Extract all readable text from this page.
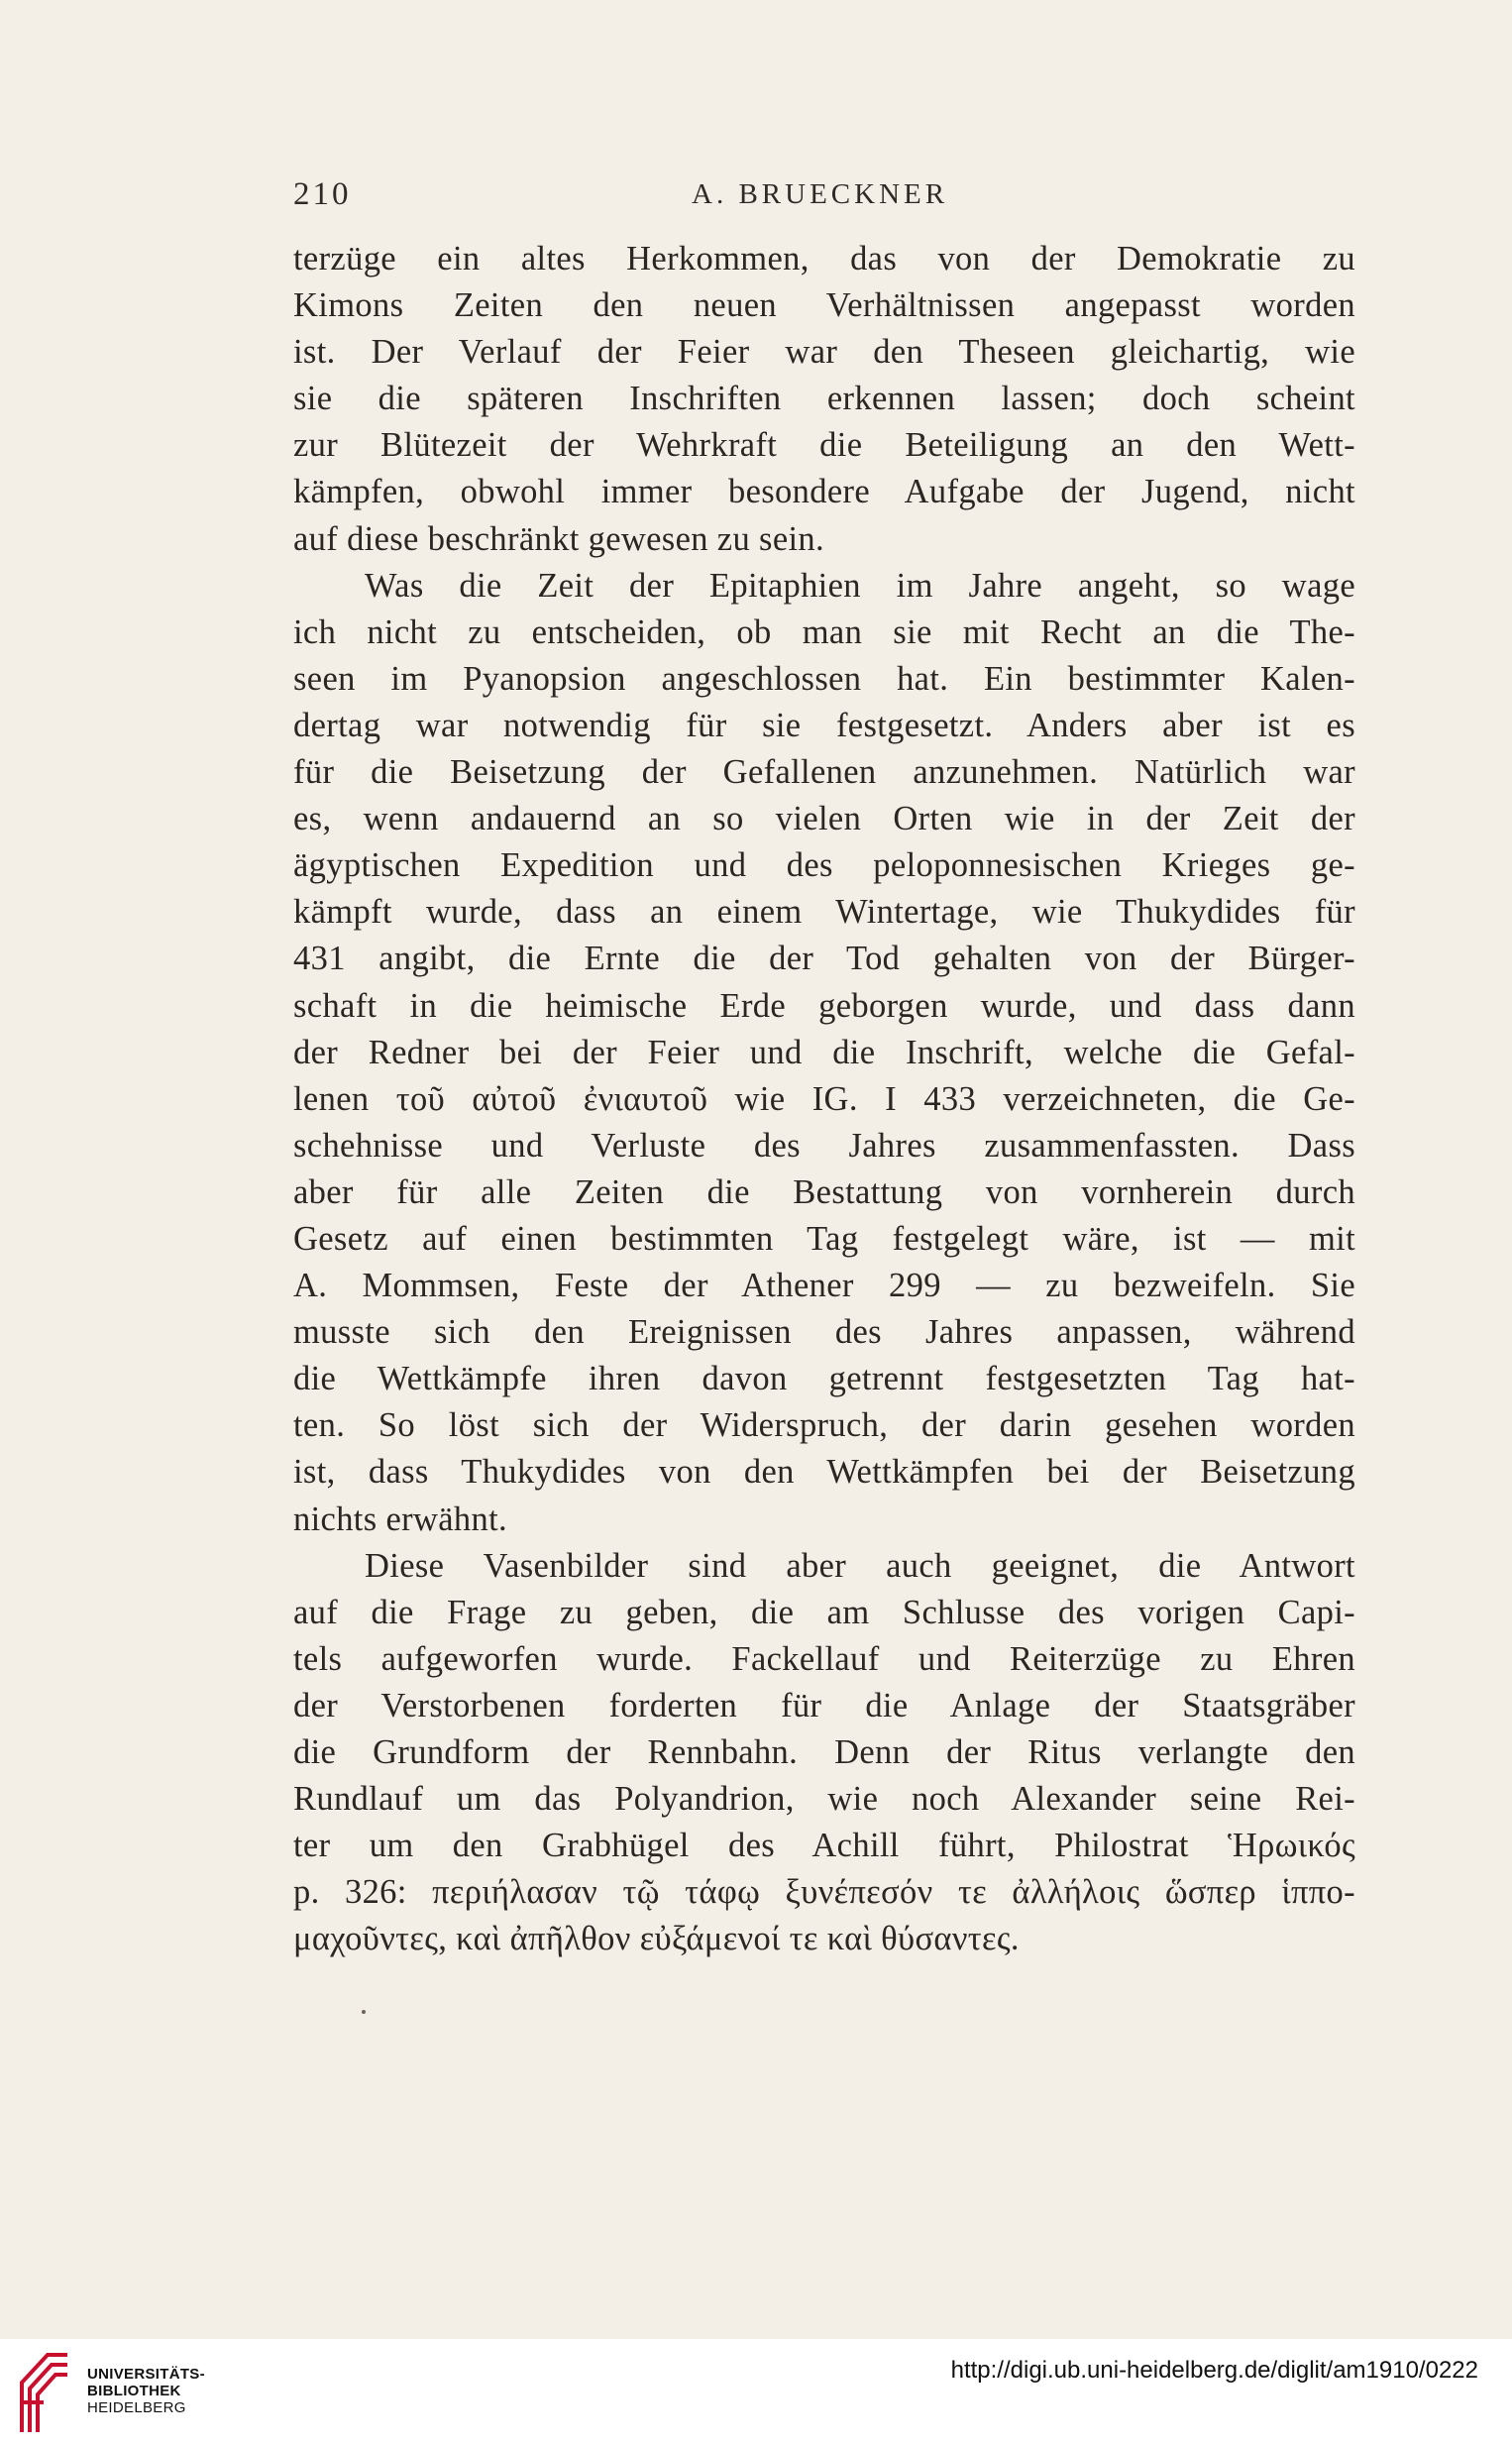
210	A. BRUECKNER
terzüge ein altes Herkommen, das von der Demokratie zu
Kimons Zeiten den neuen Verhältnissen angepasst worden
ist. Der Verlauf der Feier war den Theseen gleichartig, wie
sie die späteren Inschriften erkennen lassen; doch scheint
zur Blütezeit der Wehrkraft die Beteiligung an den Wett-
kämpfen, obwohl immer besondere Aufgabe der Jugend, nicht
auf diese beschränkt gewesen zu sein.
Was die Zeit der Epitaphien im Jahre angeht, so wage
ich nicht zu entscheiden, ob man sie mit Recht an die The-
seen im Pyanopsion angeschlossen hat. Ein bestimmter Kalen-
dertag war notwendig für sie festgesetzt. Anders aber ist es
für die Beisetzung der Gefallenen anzunehmen. Natürlich war
es, wenn andauernd an so vielen Orten wie in der Zeit der
ägyptischen Expedition und des peloponnesischen Krieges ge-
kämpft wurde, dass an einem Wintertage, wie Thukydides für
431 angibt, die Ernte die der Tod gehalten von der Bürger-
schaft in die heimische Erde geborgen wurde, und dass dann
der Redner bei der Feier und die Inschrift, welche die Gefal-
lenen τοῦ αὐτοῦ ἐνιαυτοῦ wie IG. I 433 verzeichneten, die Ge-
schehnisse und Verluste des Jahres zusammenfassten. Dass
aber für alle Zeiten die Bestattung von vornherein durch
Gesetz auf einen bestimmten Tag festgelegt wäre, ist — mit
A. Mommsen, Feste der Athener 299 — zu bezweifeln. Sie
musste sich den Ereignissen des Jahres anpassen, während
die Wettkämpfe ihren davon getrennt festgesetzten Tag hat-
ten. So löst sich der Widerspruch, der darin gesehen worden
ist, dass Thukydides von den Wettkämpfen bei der Beisetzung
nichts erwähnt.
Diese Vasenbilder sind aber auch geeignet, die Antwort
auf die Frage zu geben, die am Schlusse des vorigen Capi-
tels aufgeworfen wurde. Fackellauf und Reiterzüge zu Ehren
der Verstorbenen forderten für die Anlage der Staatsgräber
die Grundform der Rennbahn. Denn der Ritus verlangte den
Rundlauf um das Polyandrion, wie noch Alexander seine Rei-
ter um den Grabhügel des Achill führt, Philostrat Ἡρωικός
p. 326: περιήλασαν τῷ τάφῳ ξυνέπεσόν τε ἀλλήλοις ὥσπερ ἱππο-
μαχοῦντες, καὶ ἀπῆλθον εὐξάμενοί τε καὶ θύσαντες.
UNIVERSITÄTS-
BIBLIOTHEK
HEIDELBERG
http://digi.ub.uni-heidelberg.de/diglit/am1910/0222
